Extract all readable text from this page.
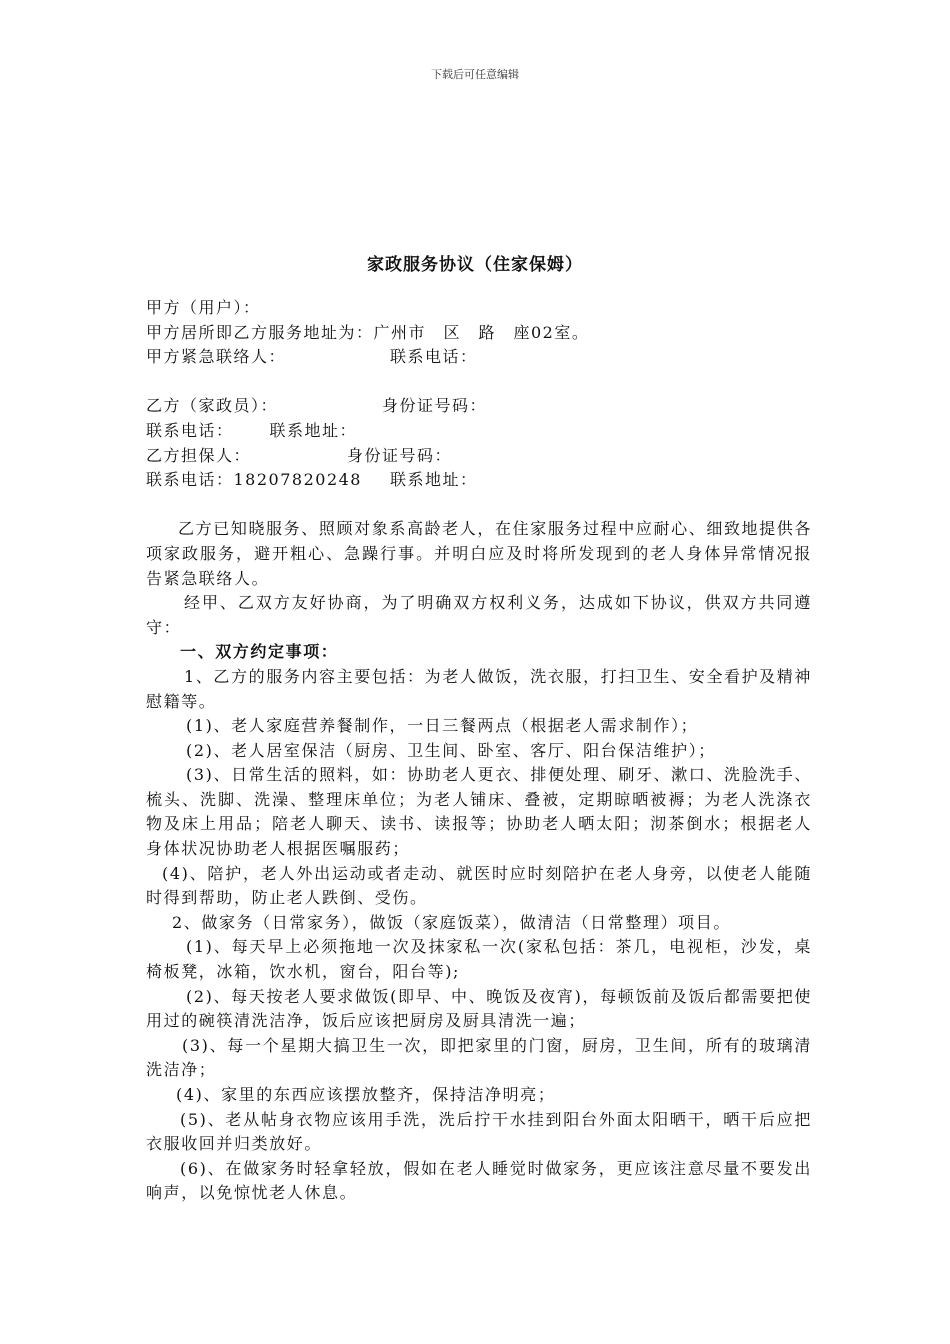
下载后可任意编辑
家政服务协议（住家保姆）
甲方（用户）：
甲方居所即乙方服务地址为：广州市　区　路　座02室。
甲方紧急联络人：	联系电话：
乙方（家政员）：	身份证号码：
联系电话： 联系地址：
乙方担保人：	身份证号码：
联系电话：18207820248 联系地址：

乙方已知晓服务、照顾对象系高龄老人，在住家服务过程中应耐心、细致地提供各项家政服务，避开粗心、急躁行事。并明白应及时将所发现到的老人身体异常情况报告紧急联络人。

经甲、乙双方友好协商，为了明确双方权利义务，达成如下协议，供双方共同遵守：

一、双方约定事项：

1、乙方的服务内容主要包括：为老人做饭，洗衣服，打扫卫生、安全看护及精神慰籍等。

(1)、老人家庭营养餐制作，一日三餐两点（根据老人需求制作）；

(2)、老人居室保洁（厨房、卫生间、卧室、客厅、阳台保洁维护）；

(3)、日常生活的照料，如：协助老人更衣、排便处理、刷牙、漱口、洗脸洗手、梳头、洗脚、洗澡、整理床单位；为老人铺床、叠被，定期晾晒被褥；为老人洗涤衣物及床上用品；陪老人聊天、读书、读报等；协助老人晒太阳；沏茶倒水；根据老人身体状况协助老人根据医嘱服药；

(4)、陪护，老人外出运动或者走动、就医时应时刻陪护在老人身旁，以使老人能随时得到帮助，防止老人跌倒、受伤。

2、做家务（日常家务），做饭（家庭饭菜），做清洁（日常整理）项目。

(1)、每天早上必须拖地一次及抹家私一次(家私包括：茶几，电视柜，沙发，桌椅板凳，冰箱，饮水机，窗台，阳台等);

(2)、每天按老人要求做饭(即早、中、晚饭及夜宵)，每顿饭前及饭后都需要把使用过的碗筷清洗洁净，饭后应该把厨房及厨具清洗一遍；

(3)、每一个星期大搞卫生一次，即把家里的门窗，厨房，卫生间，所有的玻璃清洗洁净；

(4)、家里的东西应该摆放整齐，保持洁净明亮；

(5)、老从帖身衣物应该用手洗，洗后拧干水挂到阳台外面太阳晒干，晒干后应把衣服收回并归类放好。

(6)、在做家务时轻拿轻放，假如在老人睡觉时做家务，更应该注意尽量不要发出响声，以免惊忧老人休息。
